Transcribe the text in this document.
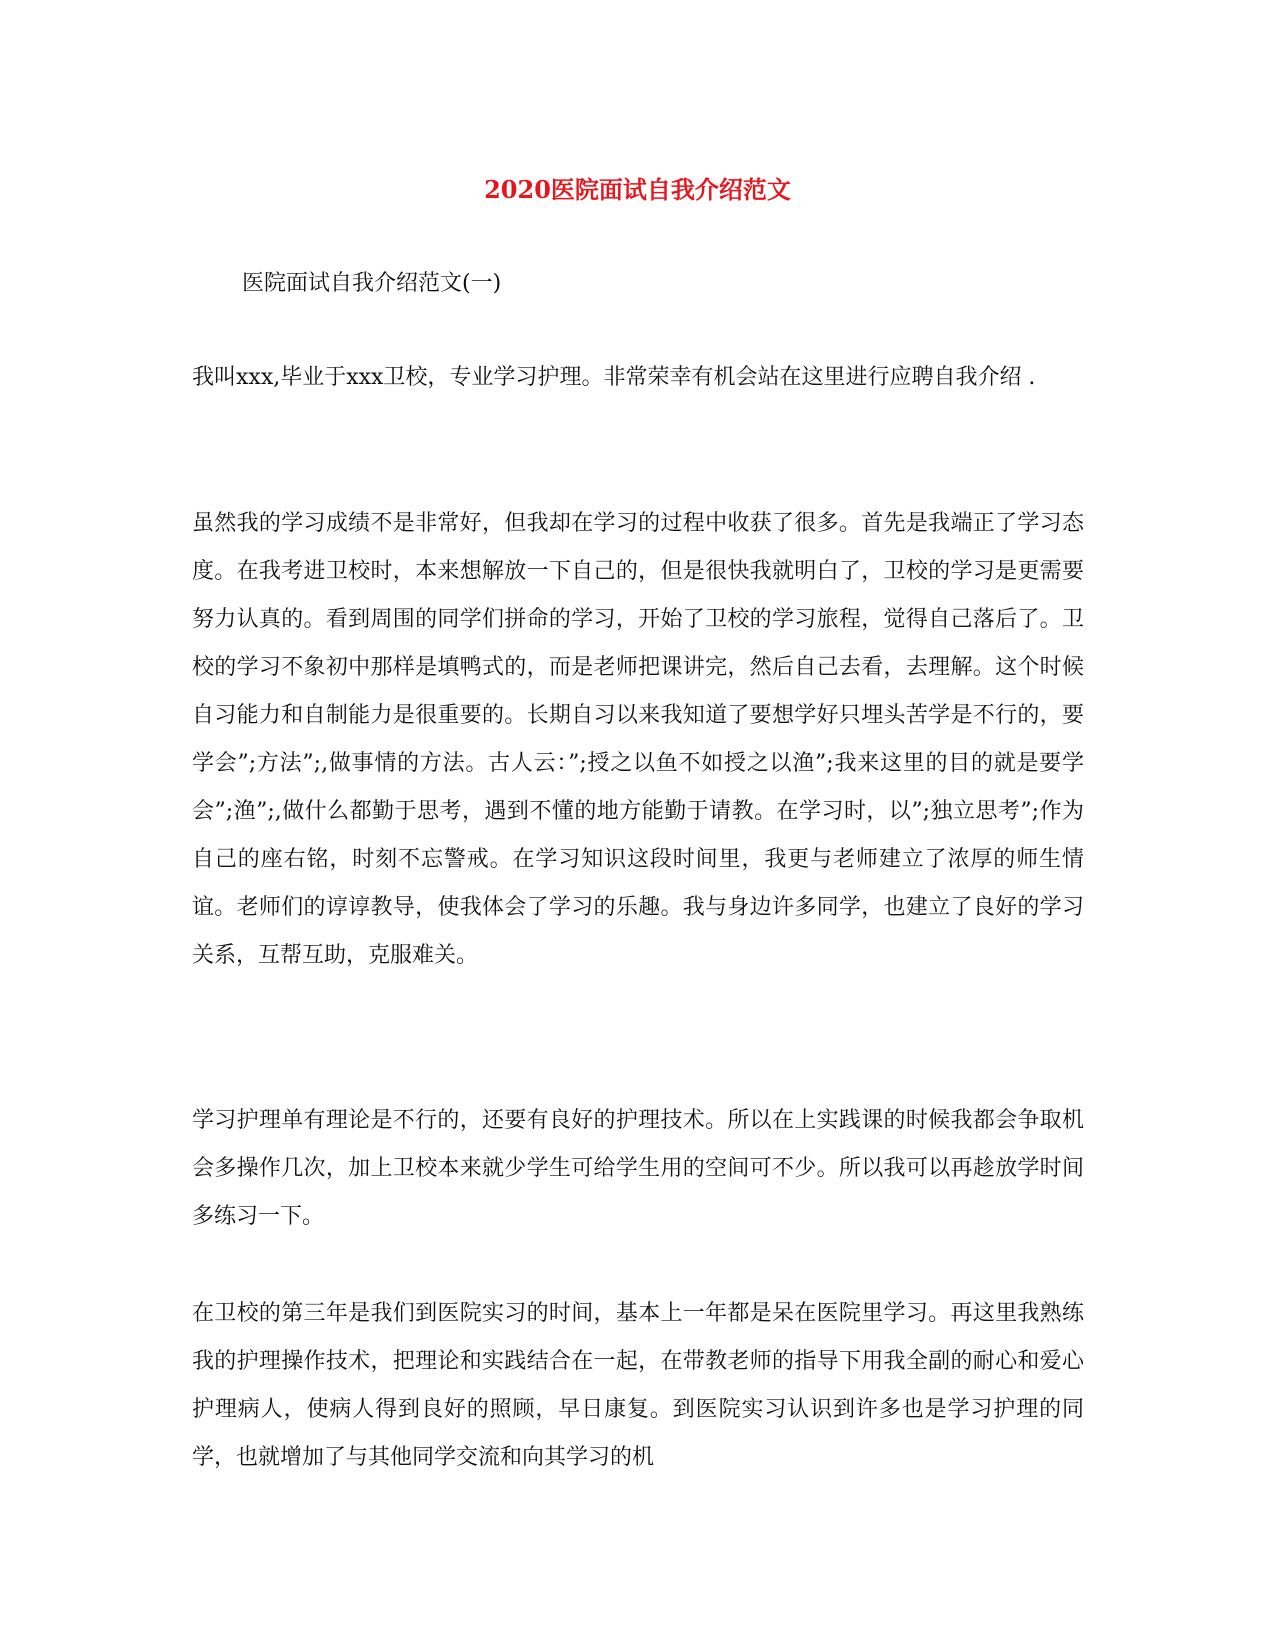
2020医院面试自我介绍范文
医院面试自我介绍范文(一)
我叫xxx,毕业于xxx卫校，专业学习护理。非常荣幸有机会站在这里进行应聘自我介绍 .
虽然我的学习成绩不是非常好，但我却在学习的过程中收获了很多。首先是我端正了学习态度。在我考进卫校时，本来想解放一下自己的，但是很快我就明白了，卫校的学习是更需要努力认真的。看到周围的同学们拼命的学习，开始了卫校的学习旅程，觉得自己落后了。卫校的学习不象初中那样是填鸭式的，而是老师把课讲完，然后自己去看，去理解。这个时候自习能力和自制能力是很重要的。长期自习以来我知道了要想学好只埋头苦学是不行的，要学会”;方法”;,做事情的方法。古人云：”;授之以鱼不如授之以渔”;我来这里的目的就是要学会”;渔”;,做什么都勤于思考，遇到不懂的地方能勤于请教。在学习时，以”;独立思考”;作为自己的座右铭，时刻不忘警戒。在学习知识这段时间里，我更与老师建立了浓厚的师生情谊。老师们的谆谆教导，使我体会了学习的乐趣。我与身边许多同学，也建立了良好的学习关系，互帮互助，克服难关。
学习护理单有理论是不行的，还要有良好的护理技术。所以在上实践课的时候我都会争取机会多操作几次，加上卫校本来就少学生可给学生用的空间可不少。所以我可以再趁放学时间多练习一下。
在卫校的第三年是我们到医院实习的时间，基本上一年都是呆在医院里学习。再这里我熟练我的护理操作技术，把理论和实践结合在一起，在带教老师的指导下用我全副的耐心和爱心护理病人，使病人得到良好的照顾，早日康复。到医院实习认识到许多也是学习护理的同学，也就增加了与其他同学交流和向其学习的机
